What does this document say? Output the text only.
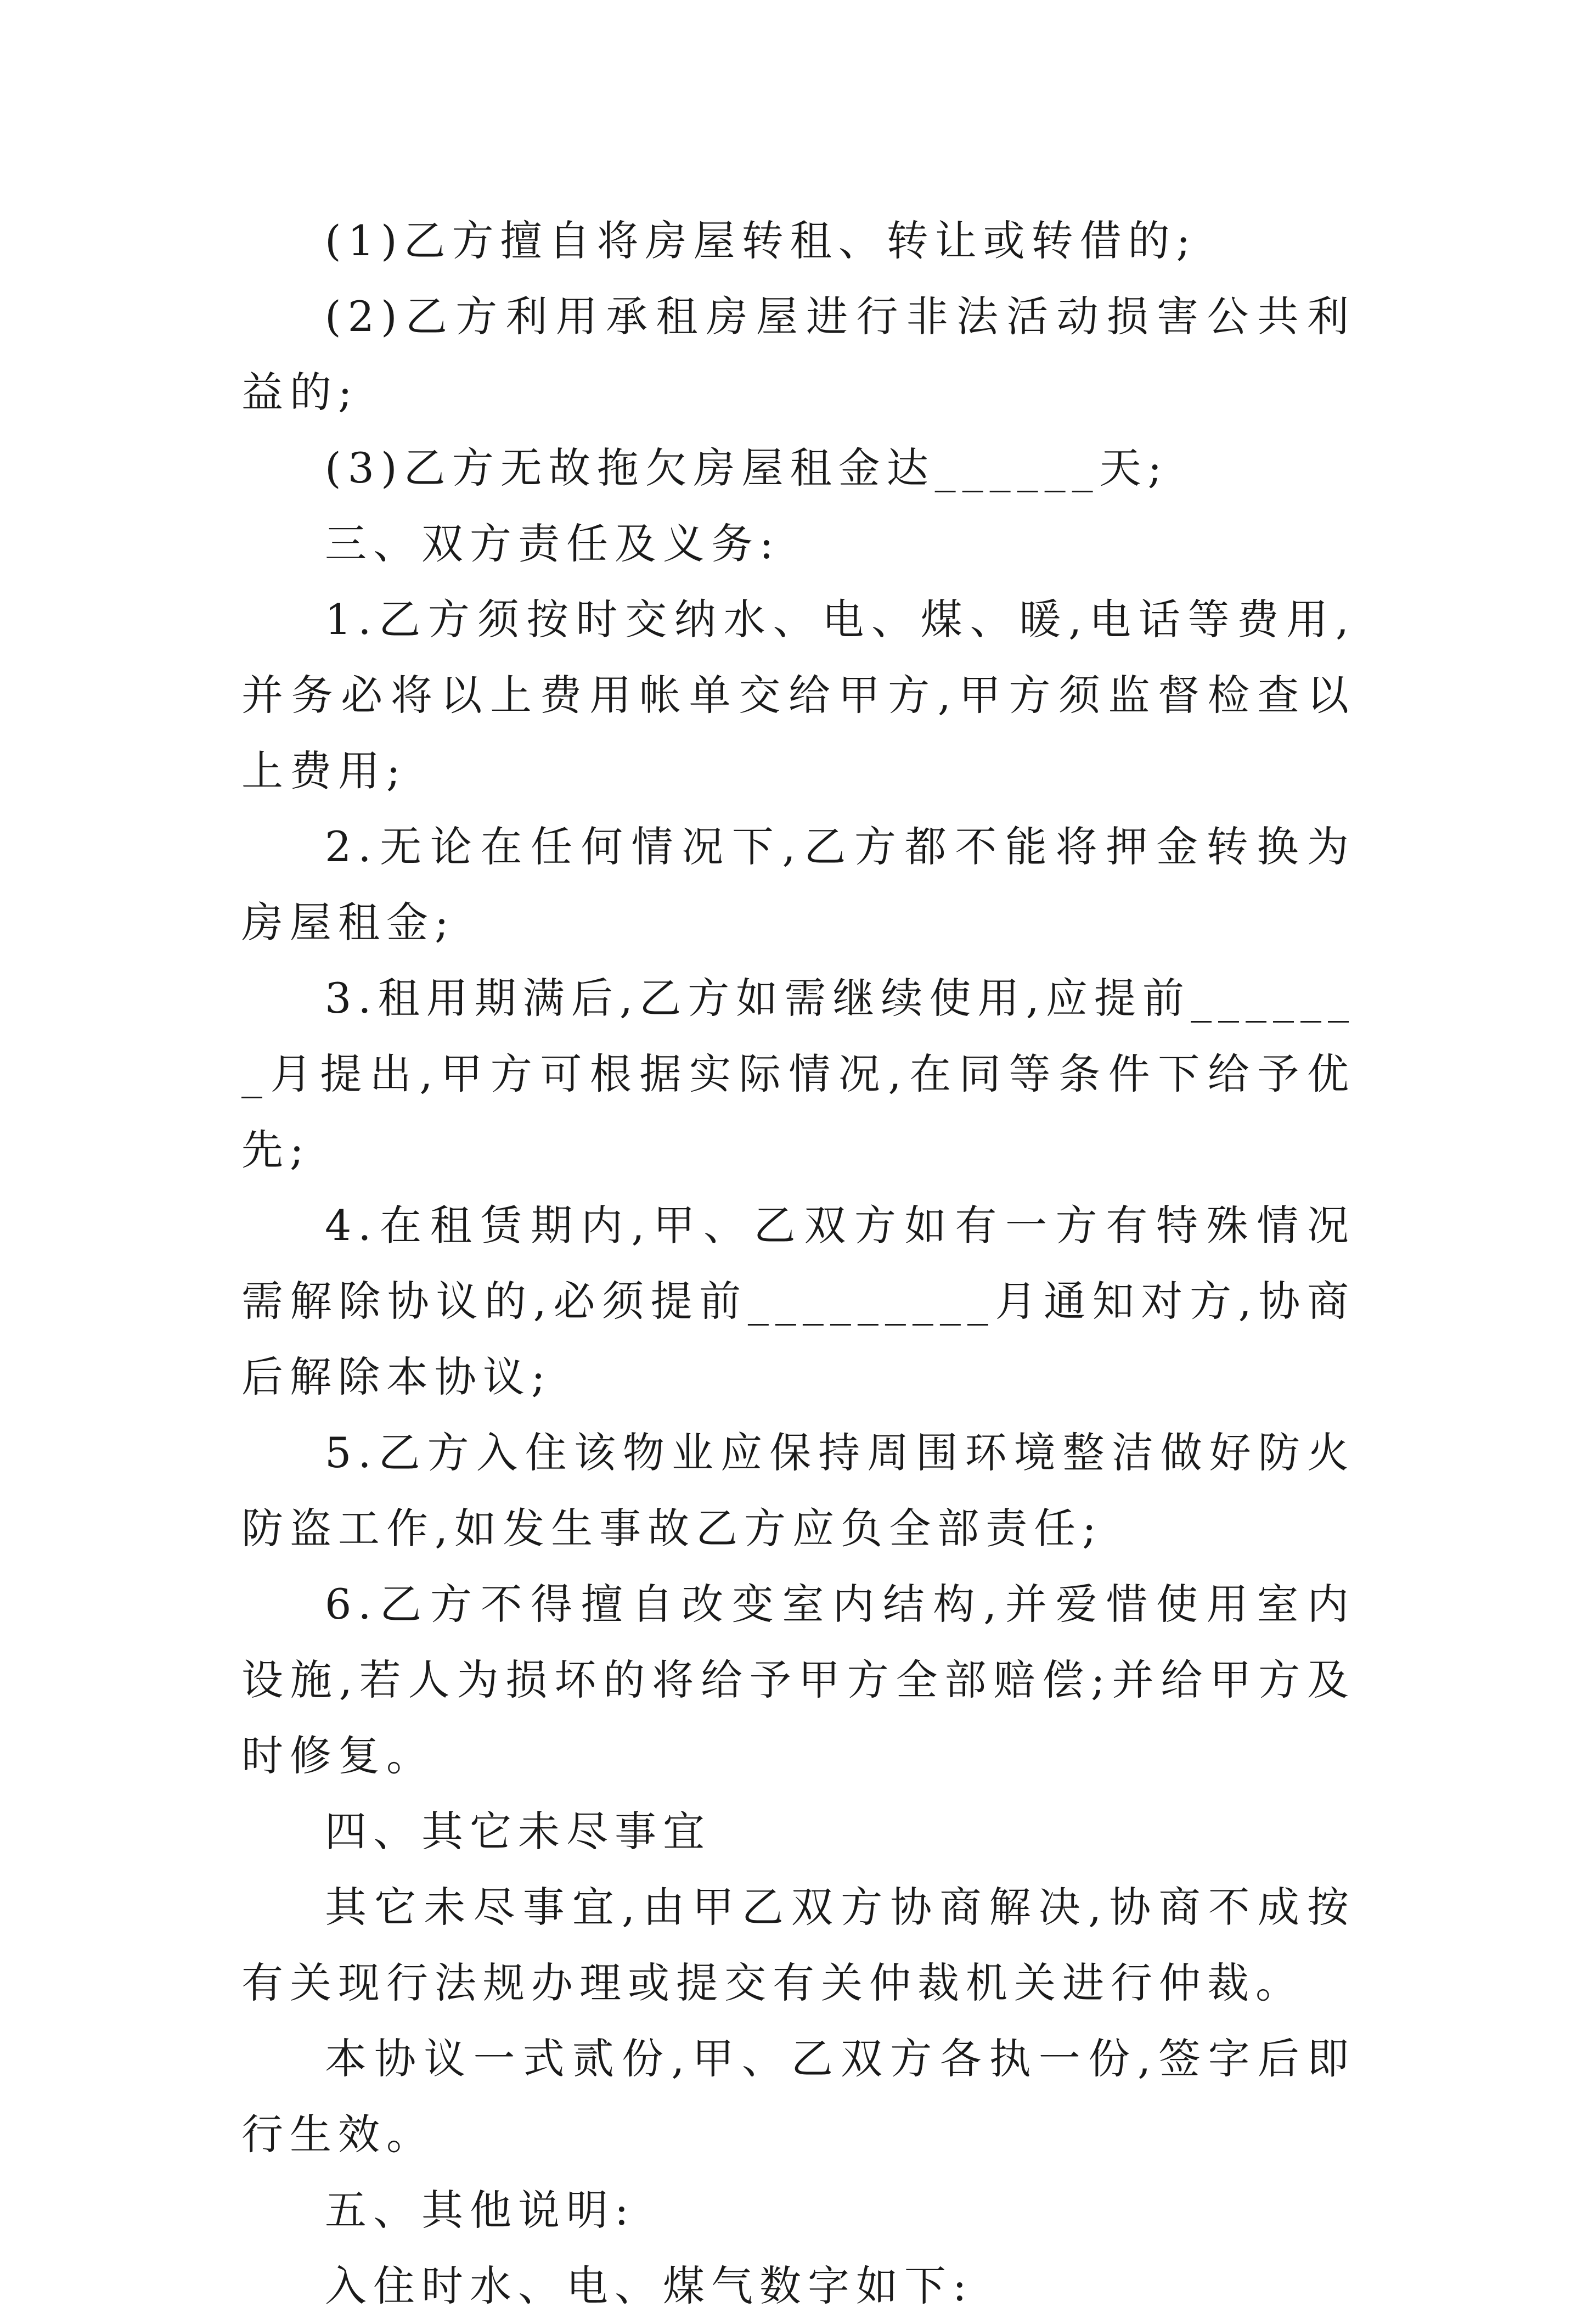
(1)乙方擅自将房屋转租、转让或转借的;

(2)乙方利用承租房屋进行非法活动损害公共利益的;

(3)乙方无故拖欠房屋租金达______天;

三、双方责任及义务:

1.乙方须按时交纳水、电、煤、暖,电话等费用,并务必将以上费用帐单交给甲方,甲方须监督检查以上费用;

2.无论在任何情况下,乙方都不能将押金转换为房屋租金;

3.租用期满后,乙方如需继续使用,应提前_______月提出,甲方可根据实际情况,在同等条件下给予优先;

4.在租赁期内,甲、乙双方如有一方有特殊情况需解除协议的,必须提前_________月通知对方,协商后解除本协议;

5.乙方入住该物业应保持周围环境整洁做好防火防盗工作,如发生事故乙方应负全部责任;

6.乙方不得擅自改变室内结构,并爱惜使用室内设施,若人为损坏的将给予甲方全部赔偿;并给甲方及时修复。

四、其它未尽事宜

其它未尽事宜,由甲乙双方协商解决,协商不成按有关现行法规办理或提交有关仲裁机关进行仲裁。

本协议一式贰份,甲、乙双方各执一份,签字后即行生效。

五、其他说明:

入住时水、电、煤气数字如下:
